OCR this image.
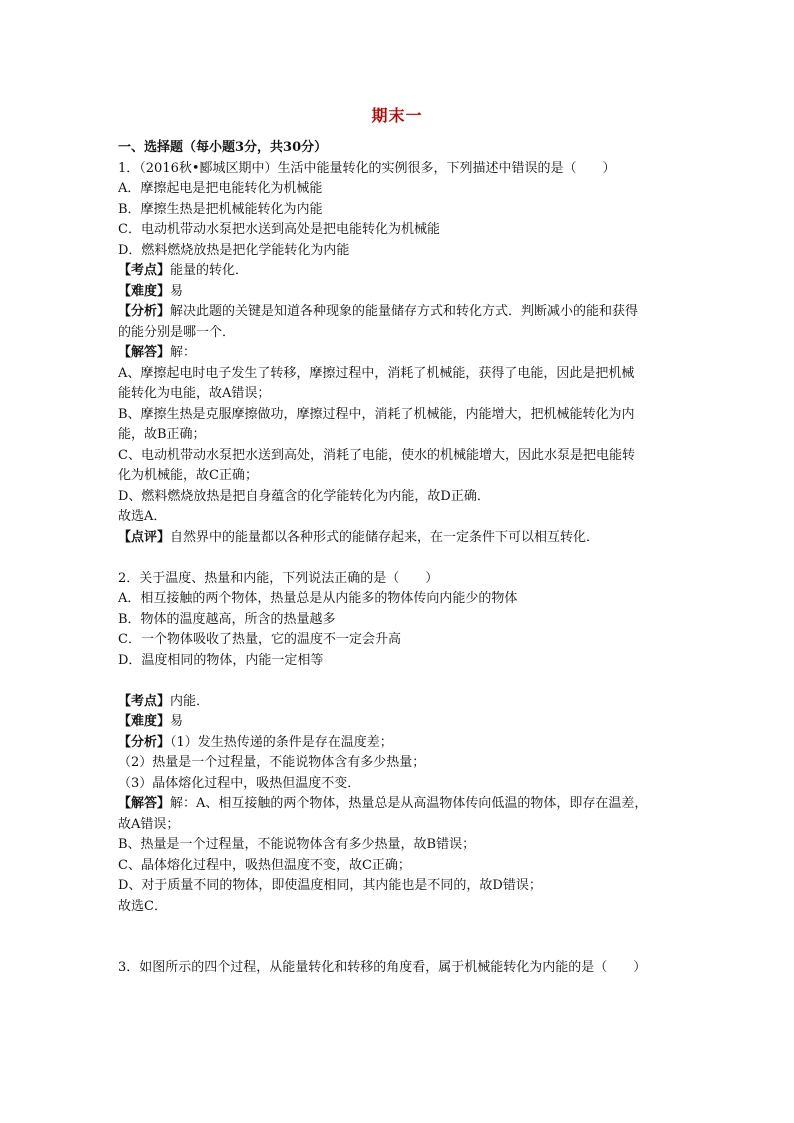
期末一
一、选择题（每小题3分，共30分）
1．（2016秋•郾城区期中）生活中能量转化的实例很多，下列描述中错误的是（　　）
A．摩擦起电是把电能转化为机械能
B．摩擦生热是把机械能转化为内能
C．电动机带动水泵把水送到高处是把电能转化为机械能
D．燃料燃烧放热是把化学能转化为内能
【考点】能量的转化．
【难度】易
【分析】解决此题的关键是知道各种现象的能量储存方式和转化方式．判断减小的能和获得
的能分别是哪一个．
【解答】解：
A、摩擦起电时电子发生了转移，摩擦过程中，消耗了机械能，获得了电能，因此是把机械
能转化为电能，故A错误；
B、摩擦生热是克服摩擦做功，摩擦过程中，消耗了机械能，内能增大，把机械能转化为内
能，故B正确；
C、电动机带动水泵把水送到高处，消耗了电能，使水的机械能增大，因此水泵是把电能转
化为机械能，故C正确；
D、燃料燃烧放热是把自身蕴含的化学能转化为内能，故D正确．
故选A．
【点评】自然界中的能量都以各种形式的能储存起来，在一定条件下可以相互转化．
2．关于温度、热量和内能，下列说法正确的是（　　）
A．相互接触的两个物体，热量总是从内能多的物体传向内能少的物体
B．物体的温度越高，所含的热量越多
C．一个物体吸收了热量，它的温度不一定会升高
D．温度相同的物体，内能一定相等
【考点】内能．
【难度】易
【分析】（1）发生热传递的条件是存在温度差；
（2）热量是一个过程量，不能说物体含有多少热量；
（3）晶体熔化过程中，吸热但温度不变．
【解答】解：A、相互接触的两个物体，热量总是从高温物体传向低温的物体，即存在温差，
故A错误；
B、热量是一个过程量，不能说物体含有多少热量，故B错误；
C、晶体熔化过程中，吸热但温度不变，故C正确；
D、对于质量不同的物体，即使温度相同，其内能也是不同的，故D错误；
故选C．
3．如图所示的四个过程，从能量转化和转移的角度看，属于机械能转化为内能的是（　　）
